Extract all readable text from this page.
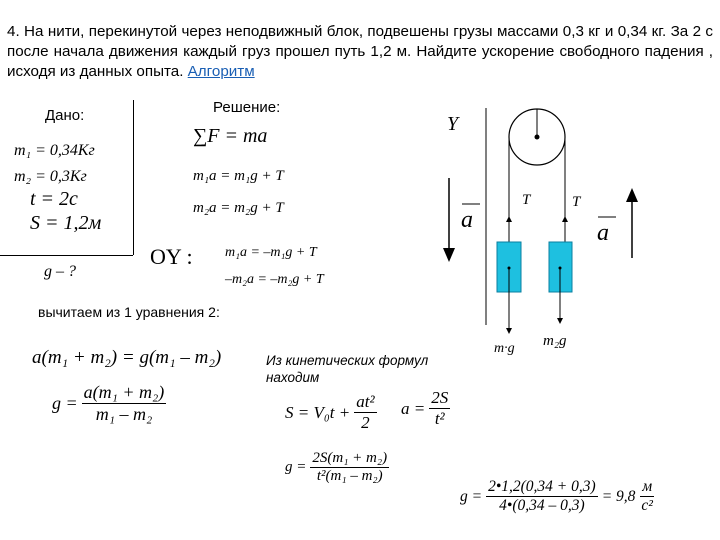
4. На нити, перекинутой через неподвижный блок, подвешены грузы массами 0,3 кг и 0,34 кг. За 2 с после начала движения каждый груз прошел путь 1,2 м. Найдите ускорение свободного падения , исходя из данных опыта. Алгоритм
Дано:
m₁ = 0,34Кг
m₂ = 0,3Кг
t = 2c
S = 1,2м
g – ?
Решение:
∑F = ma
m₁a = m₁g + T
m₂a = m₂g + T
OY : m₁a = –m₁g + T
–m₂a = –m₂g + T
вычитаем из 1 уравнения 2:
a(m₁ + m₂) = g(m₁ – m₂)
$g = \frac{\text{a(m₁ + m₂)}}{\text{m₁ – m₂}}$
Из кинетических формул
находим
$S = V_0t + \frac{\text{at²}}{2}$ $a = \frac{2S}{\text{t²}}$
$g = \frac{\text{2S(m₁ + m₂)}}{\text{t²(m₁ – m₂)}}$
$g = \frac{2•1,2(0,34 + 0,3)}{4•(0,34 - 0,3)} = 9,8 \frac{м}{\text{с²}}$
Y
a	a
T	T
m·g m₂g
